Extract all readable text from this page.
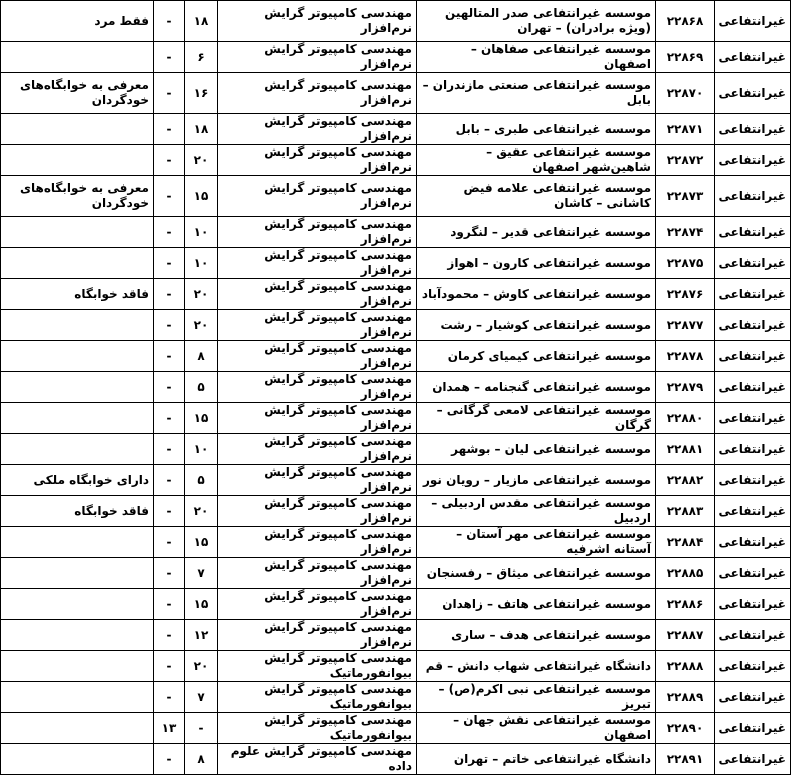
غیرانتفاعی	۲۲۸۶۸	موسسه غیرانتفاعی صدر المتالهین (ویژه برادران) – تهران	مهندسی کامپیوتر گرایش نرم‌افزار	۱۸	-	فقط مرد
غیرانتفاعی	۲۲۸۶۹	موسسه غیرانتفاعی صفاهان – اصفهان	مهندسی کامپیوتر گرایش نرم‌افزار	۶	-	
غیرانتفاعی	۲۲۸۷۰	موسسه غیرانتفاعی صنعتی مازندران – بابل	مهندسی کامپیوتر گرایش نرم‌افزار	۱۶	-	معرفی به خوابگاه‌های خودگردان
غیرانتفاعی	۲۲۸۷۱	موسسه غیرانتفاعی طبری – بابل	مهندسی کامپیوتر گرایش نرم‌افزار	۱۸	-	
غیرانتفاعی	۲۲۸۷۲	موسسه غیرانتفاعی عقیق – شاهین‌شهر اصفهان	مهندسی کامپیوتر گرایش نرم‌افزار	۲۰	-	
غیرانتفاعی	۲۲۸۷۳	موسسه غیرانتفاعی علامه فیض کاشانی – کاشان	مهندسی کامپیوتر گرایش نرم‌افزار	۱۵	-	معرفی به خوابگاه‌های خودگردان
غیرانتفاعی	۲۲۸۷۴	موسسه غیرانتفاعی قدیر – لنگرود	مهندسی کامپیوتر گرایش نرم‌افزار	۱۰	-	
غیرانتفاعی	۲۲۸۷۵	موسسه غیرانتفاعی کارون – اهواز	مهندسی کامپیوتر گرایش نرم‌افزار	۱۰	-	
غیرانتفاعی	۲۲۸۷۶	موسسه غیرانتفاعی کاوش – محمودآباد	مهندسی کامپیوتر گرایش نرم‌افزار	۲۰	-	فاقد خوابگاه
غیرانتفاعی	۲۲۸۷۷	موسسه غیرانتفاعی کوشیار – رشت	مهندسی کامپیوتر گرایش نرم‌افزار	۲۰	-	
غیرانتفاعی	۲۲۸۷۸	موسسه غیرانتفاعی کیمیای کرمان	مهندسی کامپیوتر گرایش نرم‌افزار	۸	-	
غیرانتفاعی	۲۲۸۷۹	موسسه غیرانتفاعی گنجنامه – همدان	مهندسی کامپیوتر گرایش نرم‌افزار	۵	-	
غیرانتفاعی	۲۲۸۸۰	موسسه غیرانتفاعی لامعی گرگانی – گرگان	مهندسی کامپیوتر گرایش نرم‌افزار	۱۵	-	
غیرانتفاعی	۲۲۸۸۱	موسسه غیرانتفاعی لیان – بوشهر	مهندسی کامپیوتر گرایش نرم‌افزار	۱۰	-	
غیرانتفاعی	۲۲۸۸۲	موسسه غیرانتفاعی مازیار – رویان نور	مهندسی کامپیوتر گرایش نرم‌افزار	۵	-	دارای خوابگاه ملکی
غیرانتفاعی	۲۲۸۸۳	موسسه غیرانتفاعی مقدس اردبیلی – اردبیل	مهندسی کامپیوتر گرایش نرم‌افزار	۲۰	-	فاقد خوابگاه
غیرانتفاعی	۲۲۸۸۴	موسسه غیرانتفاعی مهر آستان – آستانه اشرفیه	مهندسی کامپیوتر گرایش نرم‌افزار	۱۵	-	
غیرانتفاعی	۲۲۸۸۵	موسسه غیرانتفاعی میثاق – رفسنجان	مهندسی کامپیوتر گرایش نرم‌افزار	۷	-	
غیرانتفاعی	۲۲۸۸۶	موسسه غیرانتفاعی هاتف – زاهدان	مهندسی کامپیوتر گرایش نرم‌افزار	۱۵	-	
غیرانتفاعی	۲۲۸۸۷	موسسه غیرانتفاعی هدف – ساری	مهندسی کامپیوتر گرایش نرم‌افزار	۱۲	-	
غیرانتفاعی	۲۲۸۸۸	دانشگاه غیرانتفاعی شهاب دانش – قم	مهندسی کامپیوتر گرایش بیوانفورماتیک	۲۰	-	
غیرانتفاعی	۲۲۸۸۹	موسسه غیرانتفاعی نبی اکرم(ص) – تبریز	مهندسی کامپیوتر گرایش بیوانفورماتیک	۷	-	
غیرانتفاعی	۲۲۸۹۰	موسسه غیرانتفاعی نقش جهان – اصفهان	مهندسی کامپیوتر گرایش بیوانفورماتیک	-	۱۳	
غیرانتفاعی	۲۲۸۹۱	دانشگاه غیرانتفاعی خاتم – تهران	مهندسی کامپیوتر گرایش علوم داده	۸	-	
